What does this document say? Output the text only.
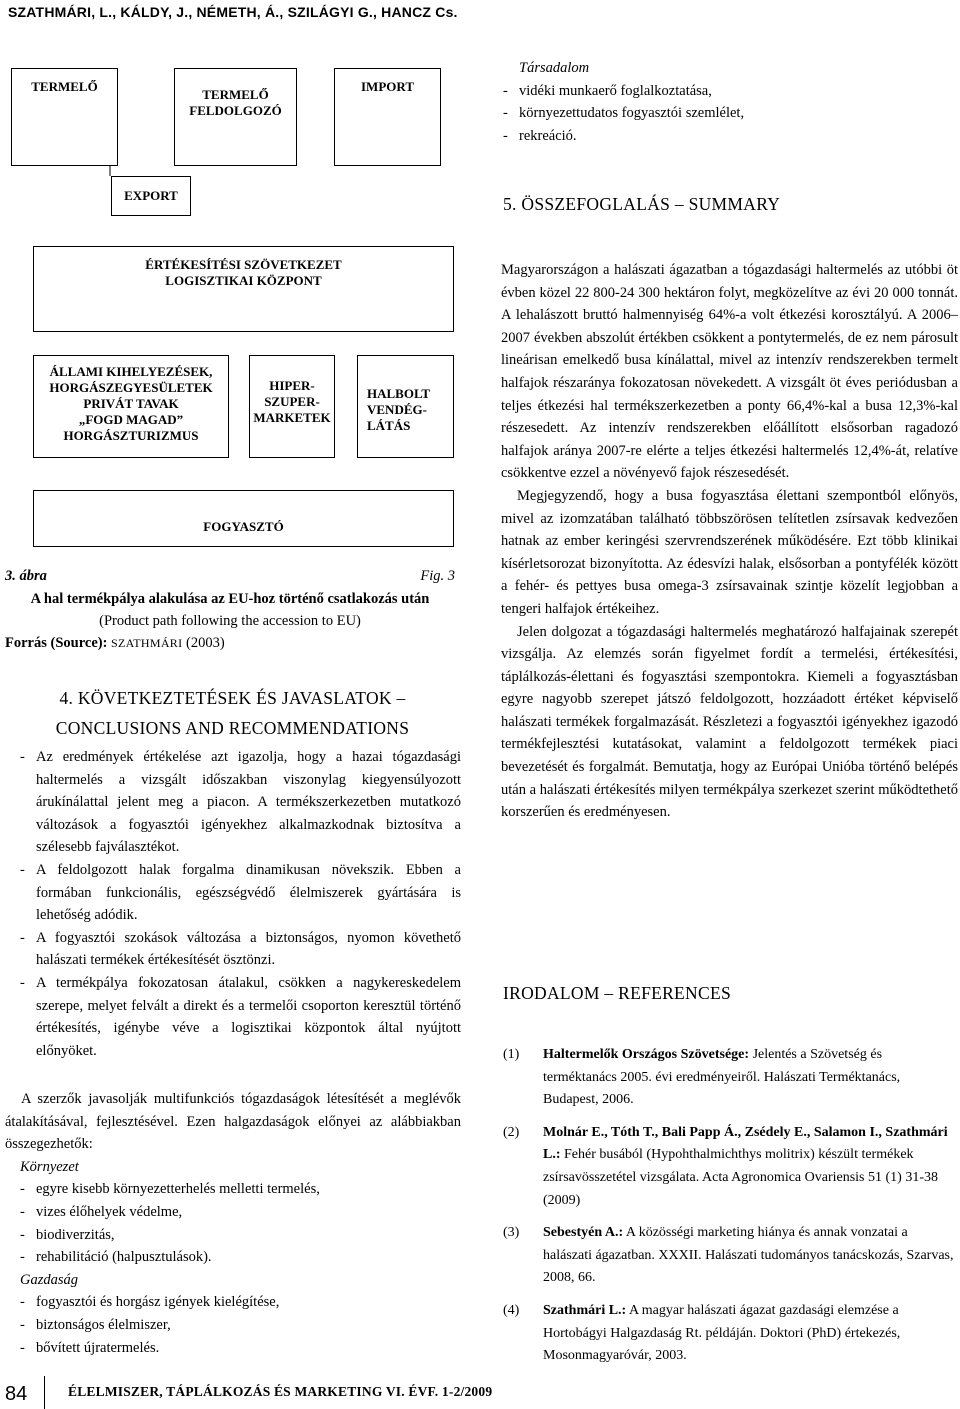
SZATHMÁRI, L., KÁLDY, J., NÉMETH, Á., SZILÁGYI G., HANCZ Cs.
TERMELŐ
TERMELŐ
FELDOLGOZÓ
IMPORT
EXPORT
ÉRTÉKESÍTÉSI SZÖVETKEZET
LOGISZTIKAI KÖZPONT
ÁLLAMI KIHELYEZÉSEK,
HORGÁSZEGYESÜLETEK
PRIVÁT TAVAK
„FOGD MAGAD”
HORGÁSZTURIZMUS
HIPER-
SZUPER-
MARKETEK
HALBOLT
VENDÉG-
LÁTÁS
FOGYASZTÓ
3. ábra	Fig. 3
A hal termékpálya alakulása az EU-hoz történő csatlakozás után
(Product path following the accession to EU)
Forrás (Source): SZATHMÁRI (2003)
4. KÖVETKEZTETÉSEK ÉS JAVASLATOK –
CONCLUSIONS AND RECOMMENDATIONS
- Az eredmények értékelése azt igazolja, hogy a hazai tógazdasági haltermelés a vizsgált időszakban viszonylag kiegyensúlyozott árukínálattal jelent meg a piacon. A termékszerkezetben mutatkozó változások a fogyasztói igényekhez alkalmazkodnak biztosítva a szélesebb fajválasztékot.
- A feldolgozott halak forgalma dinamikusan növekszik. Ebben a formában funkcionális, egészségvédő élelmiszerek gyártására is lehetőség adódik.
- A fogyasztói szokások változása a biztonságos, nyomon követhető halászati termékek értékesítését ösztönzi.
- A termékpálya fokozatosan átalakul, csökken a nagykereskedelem szerepe, melyet felvált a direkt és a termelői csoporton keresztül történő értékesítés, igénybe véve a logisztikai központok által nyújtott előnyöket.

A szerzők javasolják multifunkciós tógazdaságok létesítését a meglévők átalakításával, fejlesztésével. Ezen halgazdaságok előnyei az alábbiakban összegezhetők:

Környezet
- egyre kisebb környezetterhelés melletti termelés,
- vizes élőhelyek védelme,
- biodiverzitás,
- rehabilitáció (halpusztulások).
Gazdaság
- fogyasztói és horgász igények kielégítése,
- biztonságos élelmiszer,
- bővített újratermelés.
Társadalom
- vidéki munkaerő foglalkoztatása,
- környezettudatos fogyasztói szemlélet,
- rekreáció.
5. ÖSSZEFOGLALÁS – SUMMARY

Magyarországon a halászati ágazatban a tógazdasági haltermelés az utóbbi öt évben közel 22 800-24 300 hektáron folyt, megközelítve az évi 20 000 tonnát. A lehalászott bruttó halmennyiség 64%-a volt étkezési korosztályú. A 2006–2007 években abszolút értékben csökkent a pontytermelés, de ez nem párosult lineárisan emelkedő busa kínálattal, mivel az intenzív rendszerekben termelt halfajok részaránya fokozatosan növekedett. A vizsgált öt éves periódusban a teljes étkezési hal termékszerkezetben a ponty 66,4%-kal a busa 12,3%-kal részesedett. Az intenzív rendszerekben előállított elsősorban ragadozó halfajok aránya 2007-re elérte a teljes étkezési haltermelés 12,4%-át, relatíve csökkentve ezzel a növényevő fajok részesedését.

Megjegyzendő, hogy a busa fogyasztása élettani szempontból előnyös, mivel az izomzatában található többszörösen telítetlen zsírsavak kedvezően hatnak az ember keringési szervrendszerének működésére. Ezt több klinikai kísérletsorozat bizonyította. Az édesvízi halak, elsősorban a pontyfélék között a fehér- és pettyes busa omega-3 zsírsavainak szintje közelít legjobban a tengeri halfajok értékeihez.

Jelen dolgozat a tógazdasági haltermelés meghatározó halfajainak szerepét vizsgálja. Az elemzés során figyelmet fordít a termelési, értékesítési, táplálkozás-élettani és fogyasztási szempontokra. Kiemeli a fogyasztásban egyre nagyobb szerepet játszó feldolgozott, hozzáadott értéket képviselő halászati termékek forgalmazását. Részletezi a fogyasztói igényekhez igazodó termékfejlesztési kutatásokat, valamint a feldolgozott termékek piaci bevezetését és forgalmát. Bemutatja, hogy az Európai Unióba történő belépés után a halászati értékesítés milyen termékpálya szerkezet szerint működtethető korszerűen és eredményesen.

IRODALOM – REFERENCES
(1) Haltermelők Országos Szövetsége: Jelentés a Szövetség és terméktanács 2005. évi eredményeiről. Halászati Terméktanács, Budapest, 2006.
(2) Molnár E., Tóth T., Bali Papp Á., Zsédely E., Salamon I., Szathmári L.: Fehér busából (Hypohthalmichthys molitrix) készült termékek zsírsavösszetétel vizsgálata. Acta Agronomica Ovariensis 51 (1) 31-38 (2009)
(3) Sebestyén A.: A közösségi marketing hiánya és annak vonzatai a halászati ágazatban. XXXII. Halászati tudományos tanácskozás, Szarvas, 2008, 66.
(4) Szathmári L.: A magyar halászati ágazat gazdasági elemzése a Hortobágyi Halgazdaság Rt. példáján. Doktori (PhD) értekezés, Mosonmagyaróvár, 2003.
84	ÉLELMISZER, TÁPLÁLKOZÁS ÉS MARKETING VI. ÉVF. 1-2/2009
